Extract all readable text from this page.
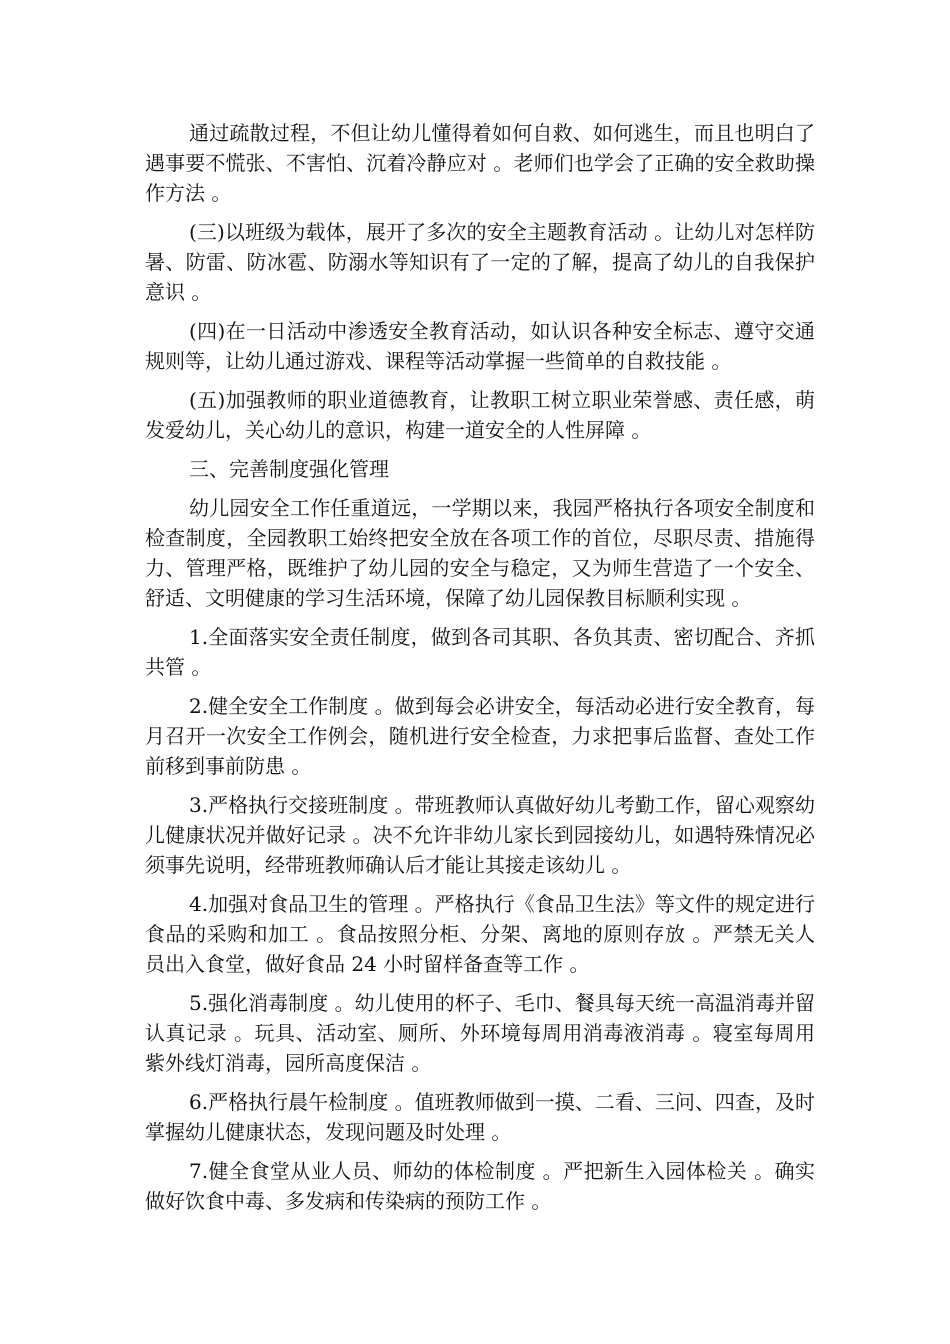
通过疏散过程，不但让幼儿懂得着如何自救、如何逃生，而且也明白了遇事要不慌张、不害怕、沉着冷静应对 。老师们也学会了正确的安全救助操作方法 。

(三)以班级为载体，展开了多次的安全主题教育活动 。让幼儿对怎样防暑、防雷、防冰雹、防溺水等知识有了一定的了解，提高了幼儿的自我保护意识 。

(四)在一日活动中渗透安全教育活动，如认识各种安全标志、遵守交通规则等，让幼儿通过游戏、课程等活动掌握一些简单的自救技能 。

(五)加强教师的职业道德教育，让教职工树立职业荣誉感、责任感，萌发爱幼儿，关心幼儿的意识，构建一道安全的人性屏障 。

三、完善制度强化管理

幼儿园安全工作任重道远，一学期以来，我园严格执行各项安全制度和检查制度，全园教职工始终把安全放在各项工作的首位，尽职尽责、措施得力、管理严格，既维护了幼儿园的安全与稳定，又为师生营造了一个安全、舒适、文明健康的学习生活环境，保障了幼儿园保教目标顺利实现 。

1.全面落实安全责任制度，做到各司其职、各负其责、密切配合、齐抓共管 。

2.健全安全工作制度 。做到每会必讲安全，每活动必进行安全教育，每月召开一次安全工作例会，随机进行安全检查，力求把事后监督、查处工作前移到事前防患 。

3.严格执行交接班制度 。带班教师认真做好幼儿考勤工作，留心观察幼儿健康状况并做好记录 。决不允许非幼儿家长到园接幼儿，如遇特殊情况必须事先说明，经带班教师确认后才能让其接走该幼儿 。

4.加强对食品卫生的管理 。严格执行《食品卫生法》等文件的规定进行食品的采购和加工 。食品按照分柜、分架、离地的原则存放 。严禁无关人员出入食堂，做好食品 24 小时留样备查等工作 。

5.强化消毒制度 。幼儿使用的杯子、毛巾、餐具每天统一高温消毒并留认真记录 。玩具、活动室、厕所、外环境每周用消毒液消毒 。寝室每周用紫外线灯消毒，园所高度保洁 。

6.严格执行晨午检制度 。值班教师做到一摸、二看、三问、四查，及时掌握幼儿健康状态，发现问题及时处理 。

7.健全食堂从业人员、师幼的体检制度 。严把新生入园体检关 。确实做好饮食中毒、多发病和传染病的预防工作 。
